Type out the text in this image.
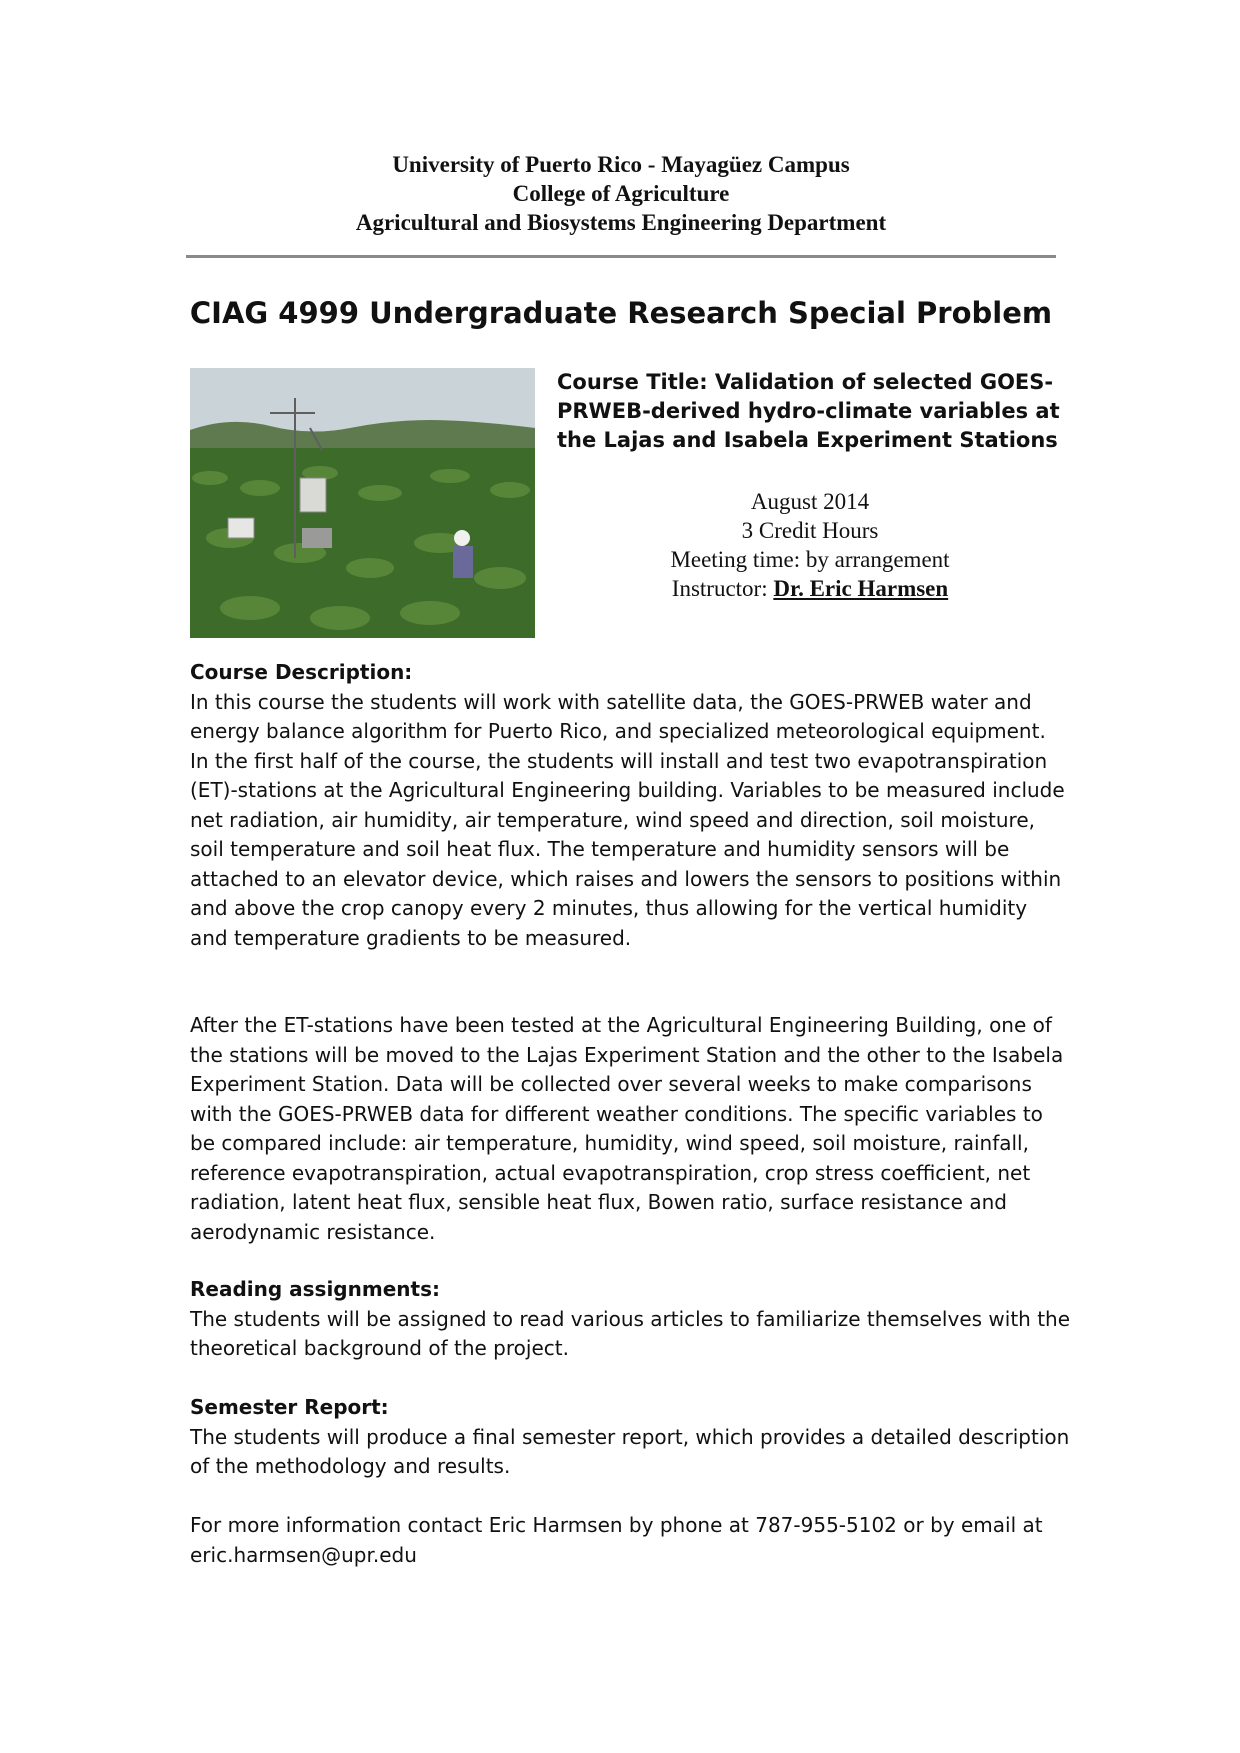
University of Puerto Rico - Mayagüez Campus
College of Agriculture
Agricultural and Biosystems Engineering Department
CIAG 4999 Undergraduate Research Special Problem
Course Title: Validation of selected GOES-PRWEB-derived hydro-climate variables at the Lajas and Isabela Experiment Stations
August 2014
3 Credit Hours
Meeting time: by arrangement
Instructor: Dr. Eric Harmsen
Course Description:

In this course the students will work with satellite data, the GOES-PRWEB water and energy balance algorithm for Puerto Rico, and specialized meteorological equipment. In the first half of the course, the students will install and test two evapotranspiration (ET)-stations at the Agricultural Engineering building. Variables to be measured include net radiation, air humidity, air temperature, wind speed and direction, soil moisture, soil temperature and soil heat flux. The temperature and humidity sensors will be attached to an elevator device, which raises and lowers the sensors to positions within and above the crop canopy every 2 minutes, thus allowing for the vertical humidity and temperature gradients to be measured.

After the ET-stations have been tested at the Agricultural Engineering Building, one of the stations will be moved to the Lajas Experiment Station and the other to the Isabela Experiment Station. Data will be collected over several weeks to make comparisons with the GOES-PRWEB data for different weather conditions. The specific variables to be compared include: air temperature, humidity, wind speed, soil moisture, rainfall, reference evapotranspiration, actual evapotranspiration, crop stress coefficient, net radiation, latent heat flux, sensible heat flux, Bowen ratio, surface resistance and aerodynamic resistance.

Reading assignments:

The students will be assigned to read various articles to familiarize themselves with the theoretical background of the project.

Semester Report:

The students will produce a final semester report, which provides a detailed description of the methodology and results.

For more information contact Eric Harmsen by phone at 787-955-5102 or by email at eric.harmsen@upr.edu
